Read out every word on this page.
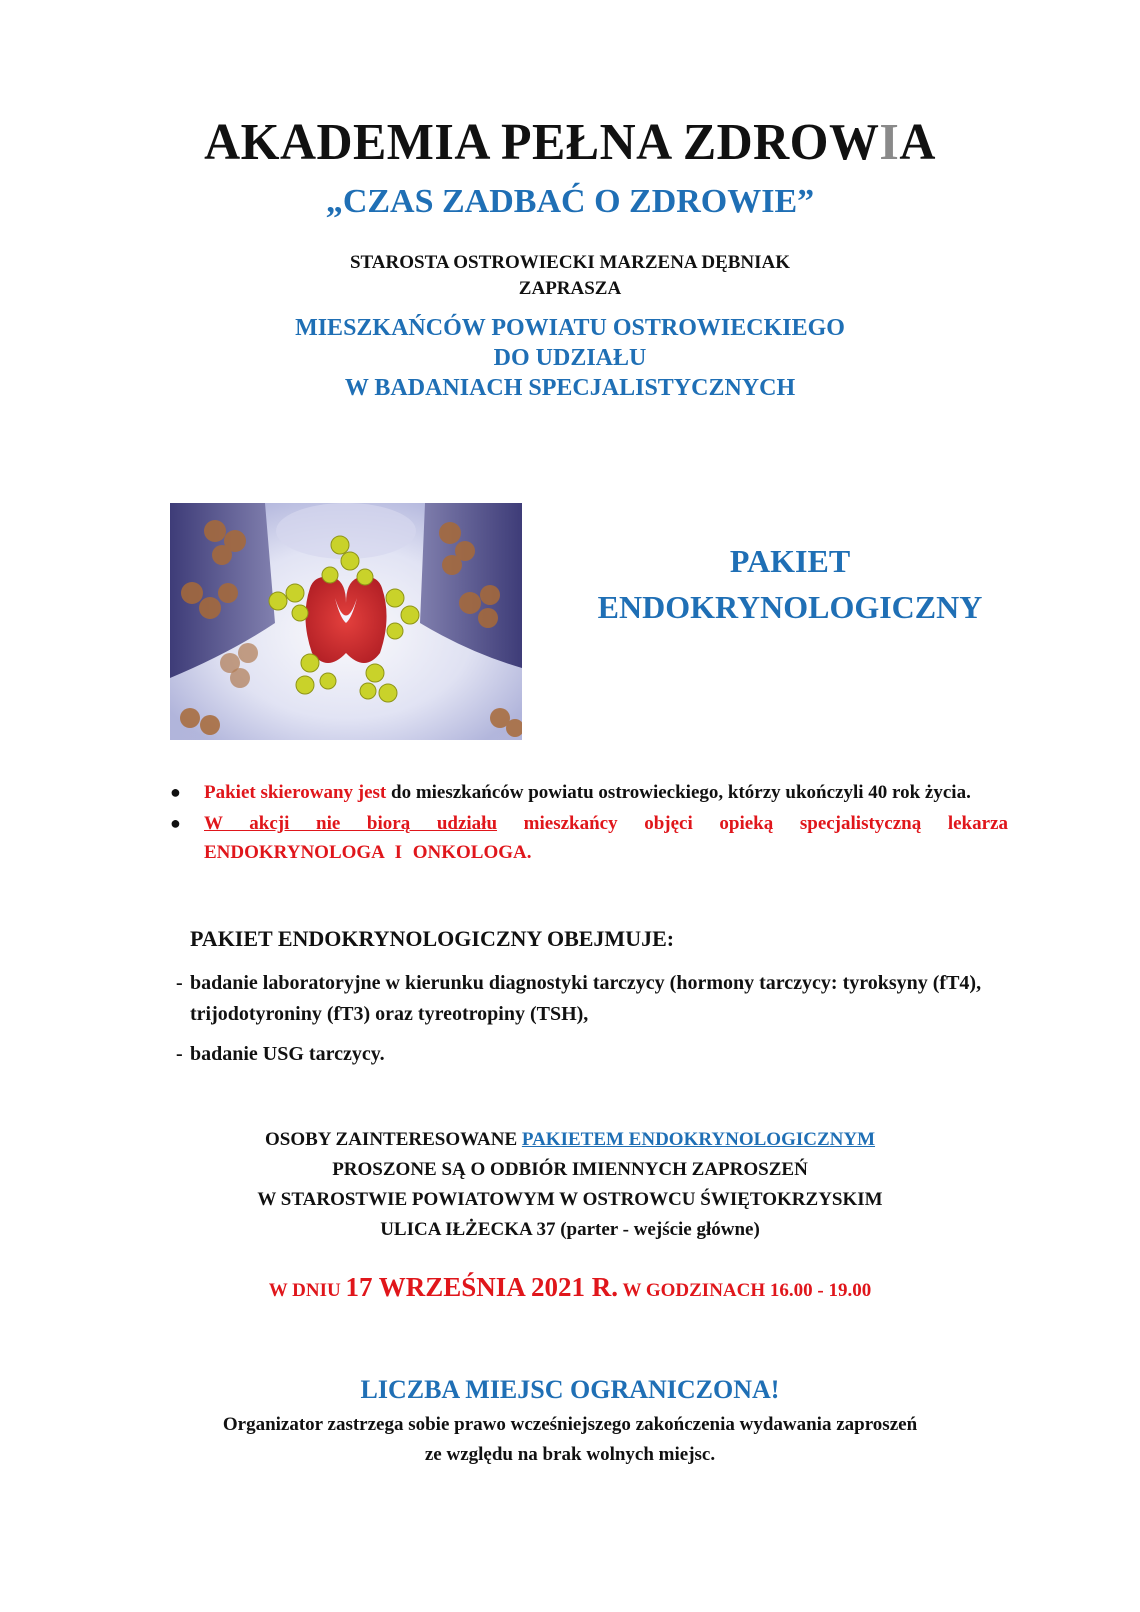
AKADEMIA PEŁNA ZDROWIA
„CZAS ZADBAĆ O ZDROWIE”
STAROSTA OSTROWIECKI MARZENA DĘBNIAK
ZAPRASZA
MIESZKAŃCÓW POWIATU OSTROWIECKIEGO
DO UDZIAŁU
W BADANIACH SPECJALISTYCZNYCH
PAKIET
ENDOKRYNOLOGICZNY
● Pakiet skierowany jest do mieszkańców powiatu ostrowieckiego, którzy ukończyli 40 rok życia.
● W akcji nie biorą udziału mieszkańcy objęci opieką specjalistyczną lekarza ENDOKRYNOLOGA I ONKOLOGA.
PAKIET ENDOKRYNOLOGICZNY OBEJMUJE:
- badanie laboratoryjne w kierunku diagnostyki tarczycy (hormony tarczycy: tyroksyny (fT4), trijodotyroniny (fT3) oraz tyreotropiny (TSH),
- badanie USG tarczycy.
OSOBY ZAINTERESOWANE PAKIETEM ENDOKRYNOLOGICZNYM
PROSZONE SĄ O ODBIÓR IMIENNYCH ZAPROSZEŃ
W STAROSTWIE POWIATOWYM W OSTROWCU ŚWIĘTOKRZYSKIM
ULICA IŁŻECKA 37 (parter - wejście główne)
W DNIU 17 WRZEŚNIA 2021 R. W GODZINACH 16.00 - 19.00
LICZBA MIEJSC OGRANICZONA!
Organizator zastrzega sobie prawo wcześniejszego zakończenia wydawania zaproszeń
ze względu na brak wolnych miejsc.
